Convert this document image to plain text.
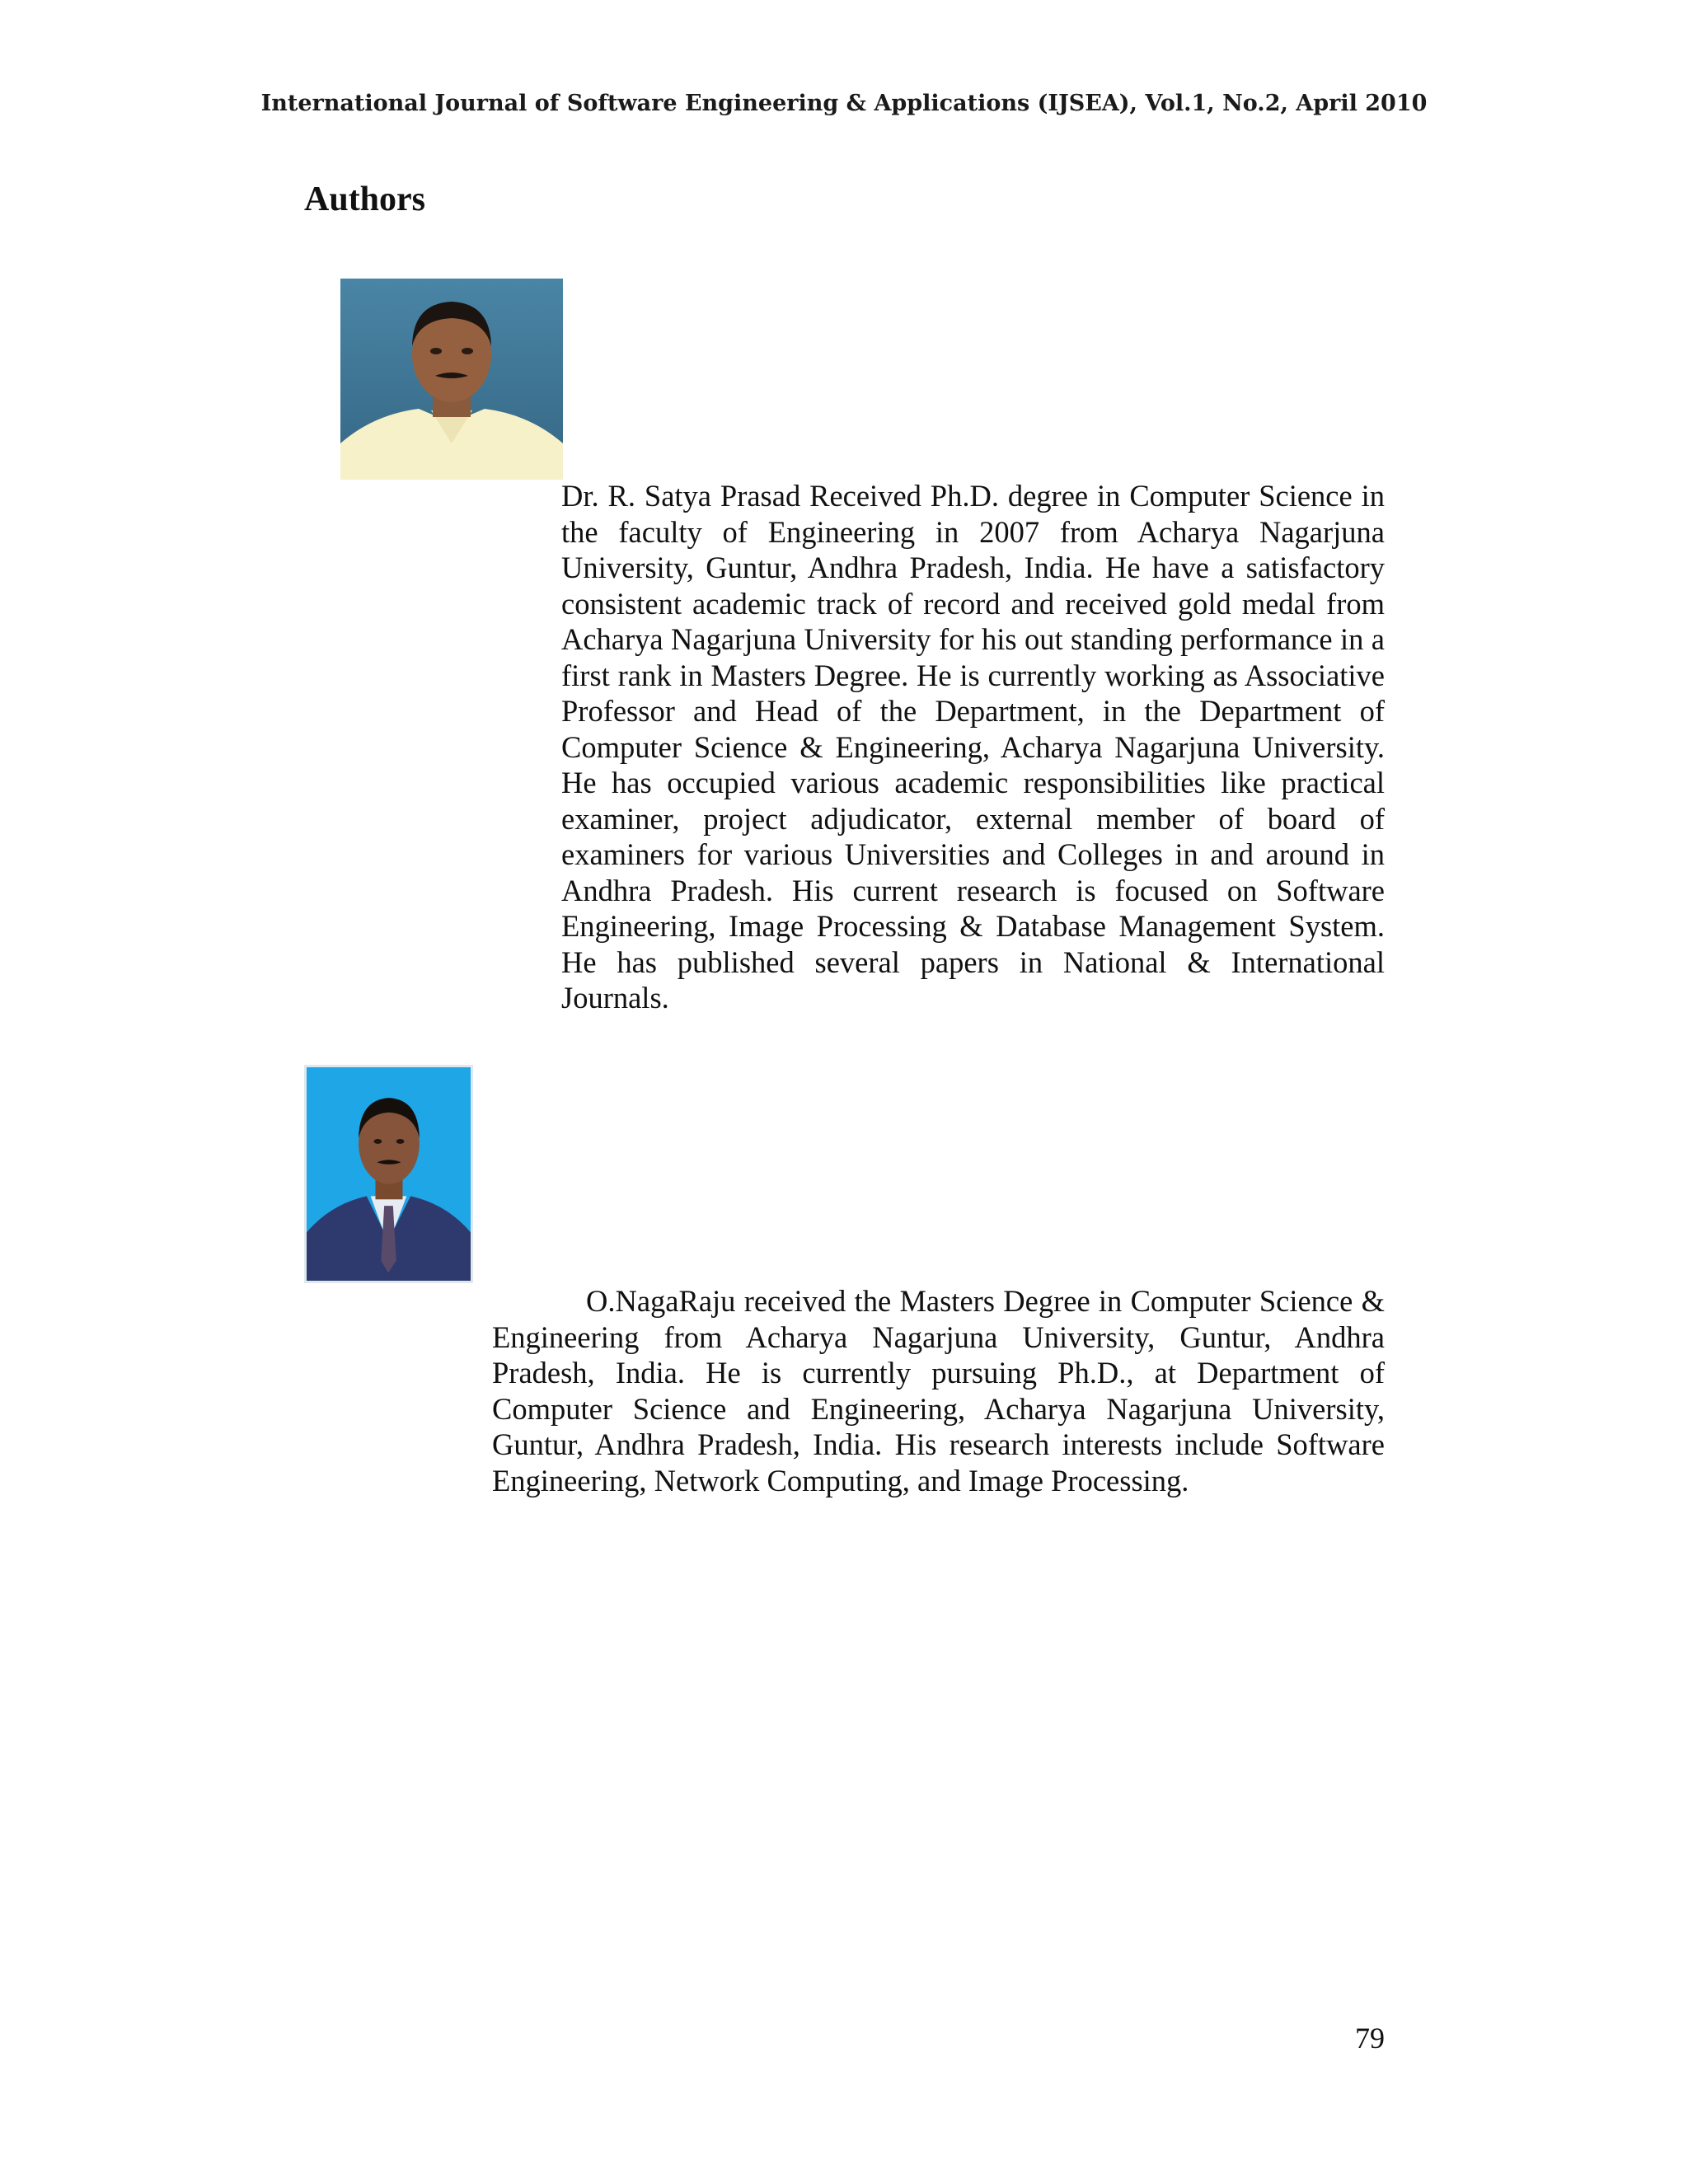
International Journal of Software Engineering & Applications (IJSEA), Vol.1, No.2, April 2010
Authors

Dr. R. Satya Prasad Received Ph.D. degree in Computer Science in the faculty of Engineering in 2007 from Acharya Nagarjuna University, Guntur, Andhra Pradesh, India. He have a satisfactory consistent academic track of record and received gold medal from Acharya Nagarjuna University for his out standing performance in a first rank in Masters Degree. He is currently working as Associative Professor and Head of the Department, in the Department of Computer Science & Engineering, Acharya Nagarjuna University. He has occupied various academic responsibilities like practical examiner, project adjudicator, external member of board of examiners for various Universities and Colleges in and around in Andhra Pradesh. His current research is focused on Software Engineering, Image Processing & Database Management System. He has published several papers in National & International Journals.

O.NagaRaju received the Masters Degree in Computer Science & Engineering from Acharya Nagarjuna University, Guntur, Andhra Pradesh, India. He is currently pursuing Ph.D., at Department of Computer Science and Engineering, Acharya Nagarjuna University, Guntur, Andhra Pradesh, India. His research interests include Software Engineering, Network Computing, and Image Processing.

79
